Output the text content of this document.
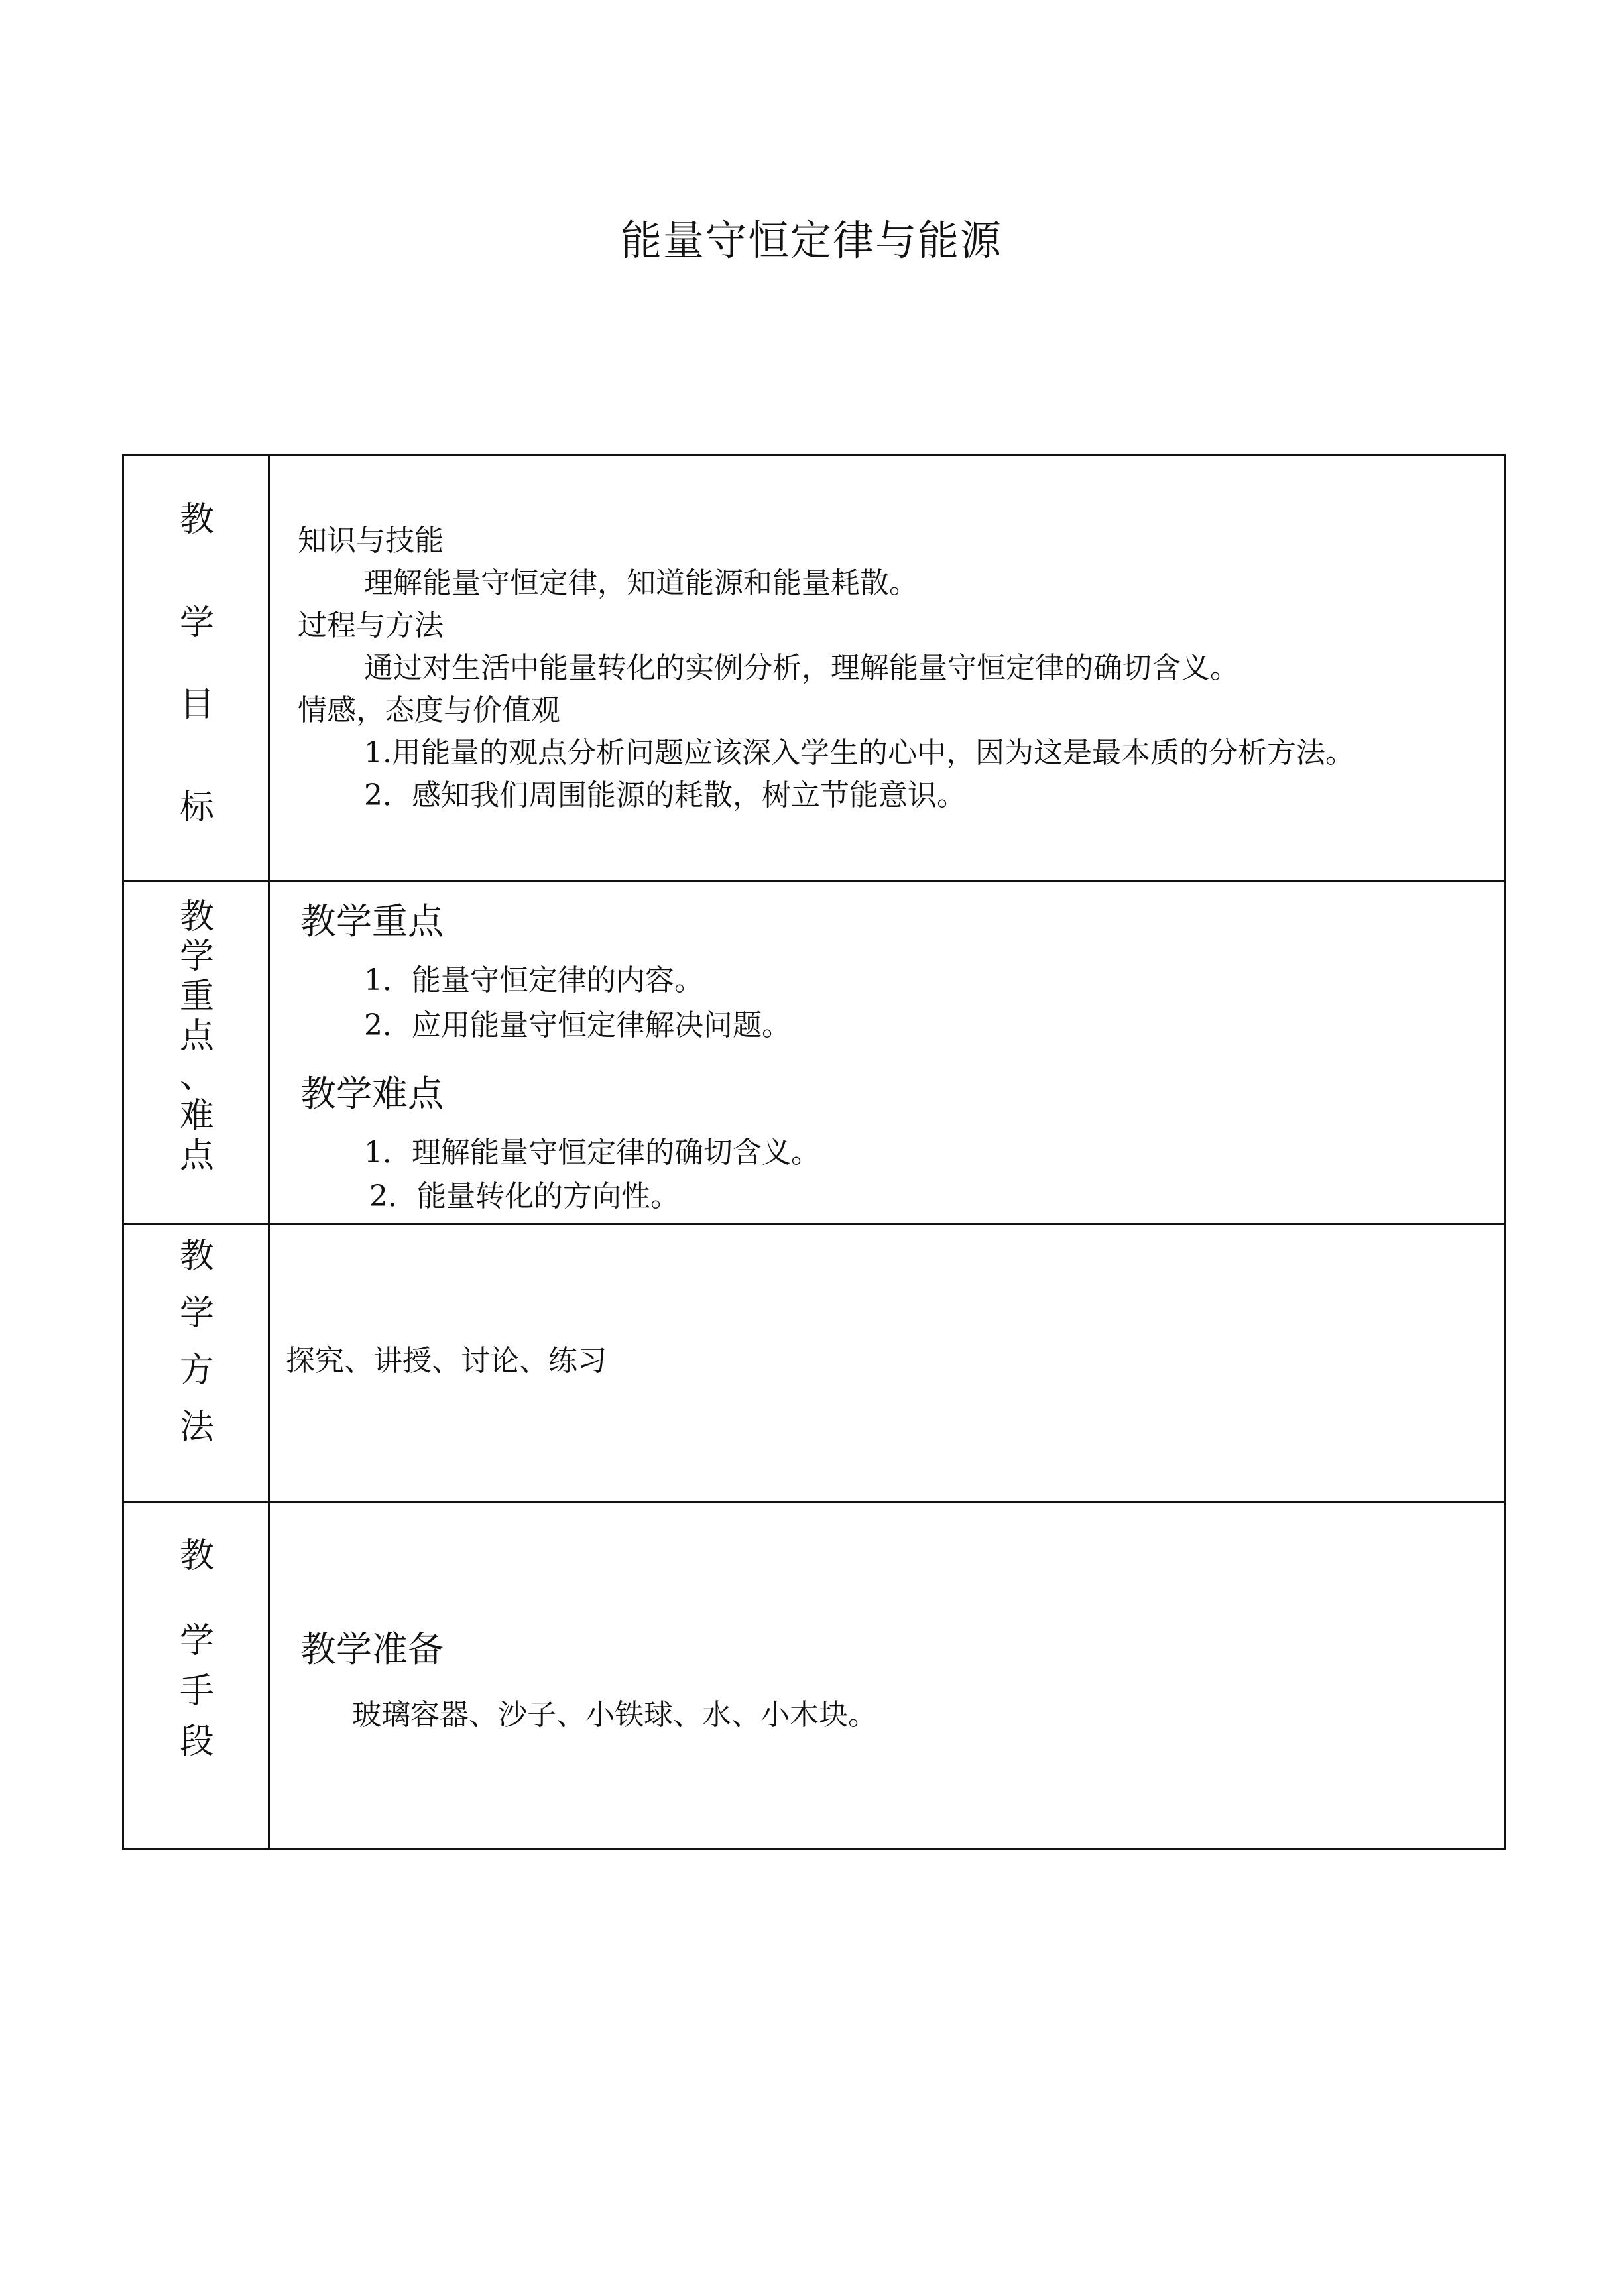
能量守恒定律与能源
教
学
目
标
知识与技能
理解能量守恒定律，知道能源和能量耗散。
过程与方法
通过对生活中能量转化的实例分析，理解能量守恒定律的确切含义。
情感，态度与价值观
1.用能量的观点分析问题应该深入学生的心中，因为这是最本质的分析方法。
2．感知我们周围能源的耗散，树立节能意识。
教
学
重
点
、
难
点
教学重点
1．能量守恒定律的内容。
2．应用能量守恒定律解决问题。
教学难点
1．理解能量守恒定律的确切含义。
2．能量转化的方向性。
教
学
方
法
探究、讲授、讨论、练习
教
学
手
段
教学准备
玻璃容器、沙子、小铁球、水、小木块。
